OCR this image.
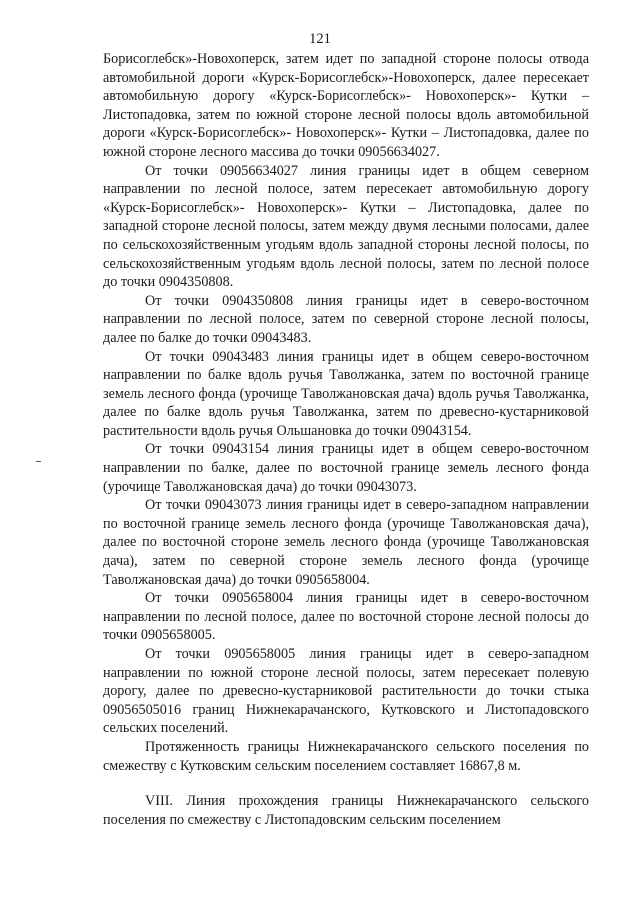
121

Борисоглебск»-Новохоперск, затем идет по западной стороне полосы отвода автомобильной дороги «Курск-Борисоглебск»-Новохоперск, далее пересекает автомобильную дорогу «Курск-Борисоглебск»- Новохоперск»- Кутки – Листопадовка, затем по южной стороне лесной полосы вдоль автомобильной дороги «Курск-Борисоглебск»- Новохоперск»- Кутки – Листопадовка, далее по южной стороне лесного массива до точки 09056634027.

От точки 09056634027 линия границы идет в общем северном направлении по лесной полосе, затем пересекает автомобильную дорогу «Курск-Борисоглебск»- Новохоперск»- Кутки – Листопадовка, далее по западной стороне лесной полосы, затем между двумя лесными полосами, далее по сельскохозяйственным угодьям вдоль западной стороны лесной полосы, по сельскохозяйственным угодьям вдоль лесной полосы, затем по лесной полосе до точки 0904350808.

От точки 0904350808 линия границы идет в северо-восточном направлении по лесной полосе, затем по северной стороне лесной полосы, далее по балке до точки 09043483.

От точки 09043483 линия границы идет в общем северо-восточном направлении по балке вдоль ручья Таволжанка, затем по восточной границе земель лесного фонда (урочище Таволжановская дача) вдоль ручья Таволжанка, далее по балке вдоль ручья Таволжанка, затем по древесно-кустарниковой растительности вдоль ручья Ольшановка до точки 09043154.

От точки 09043154 линия границы идет в общем северо-восточном направлении по балке, далее по восточной границе земель лесного фонда (урочище Таволжановская дача) до точки 09043073.

От точки 09043073 линия границы идет в северо-западном направлении по восточной границе земель лесного фонда (урочище Таволжановская дача), далее по восточной стороне земель лесного фонда (урочище Таволжановская дача), затем по северной стороне земель лесного фонда (урочище Таволжановская дача) до точки 0905658004.

От точки 0905658004 линия границы идет в северо-восточном направлении по лесной полосе, далее по восточной стороне лесной полосы до точки 0905658005.

От точки 0905658005 линия границы идет в северо-западном направлении по южной стороне лесной полосы, затем пересекает полевую дорогу, далее по древесно-кустарниковой растительности до точки стыка 09056505016 границ Нижнекарачанского, Кутковского и Листопадовского сельских поселений.

Протяженность границы Нижнекарачанского сельского поселения по смежеству с Кутковским сельским поселением составляет 16867,8 м.

VIII. Линия прохождения границы Нижнекарачанского сельского поселения по смежеству с Листопадовским сельским поселением
